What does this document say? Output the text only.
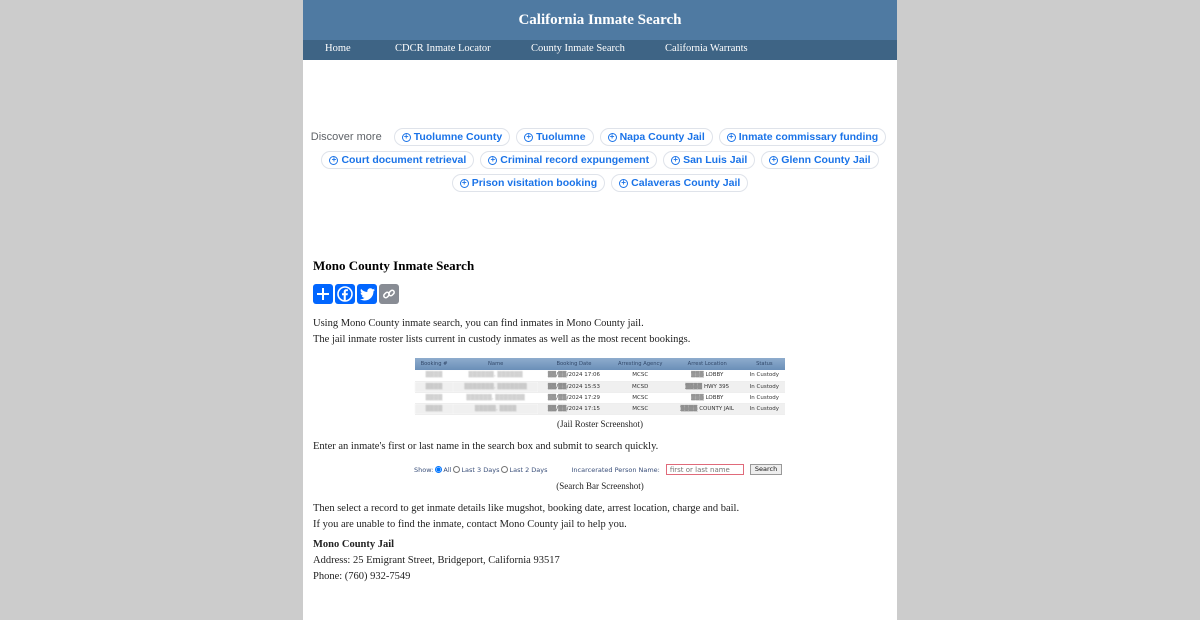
California Inmate Search
Home	CDCR Inmate Locator	County Inmate Search	California Warrants
Discover more	+ Tuolumne County	+ Tuolumne	+ Napa County Jail	+ Inmate commissary funding
+ Court document retrieval	+ Criminal record expungement	+ San Luis Jail	+ Glenn County Jail
+ Prison visitation booking	+ Calaveras County Jail
Mono County Inmate Search

Using Mono County inmate search, you can find inmates in Mono County jail.

The jail inmate roster lists current in custody inmates as well as the most recent bookings.

Booking #	Name	Booking Date	Arresting Agency	Arrest Location	Status
▒▒▒▒	▒▒▒▒▒▒, ▒▒▒▒▒▒	▒▒/▒▒/2024 17:06	MCSC	▒▒▒ LOBBY	In Custody
▒▒▒▒	▒▒▒▒▒▒▒, ▒▒▒▒▒▒▒	▒▒/▒▒/2024 15:53	MCSD	▒▒▒▒ HWY 395	In Custody
▒▒▒▒	▒▒▒▒▒▒, ▒▒▒▒▒▒▒	▒▒/▒▒/2024 17:29	MCSC	▒▒▒ LOBBY	In Custody
▒▒▒▒	▒▒▒▒▒, ▒▒▒▒	▒▒/▒▒/2024 17:15	MCSC	▒▒▒▒ COUNTY JAIL	In Custody
(Jail Roster Screenshot)

Enter an inmate's first or last name in the search box and submit to search quickly.

Show: All Last 3 Days Last 2 Days	Incarcerated Person Name:
first or last name	Search
(Search Bar Screenshot)

Then select a record to get inmate details like mugshot, booking date, arrest location, charge and bail.

If you are unable to find the inmate, contact Mono County jail to help you.

Mono County Jail

Address: 25 Emigrant Street, Bridgeport, California 93517

Phone: (760) 932-7549
